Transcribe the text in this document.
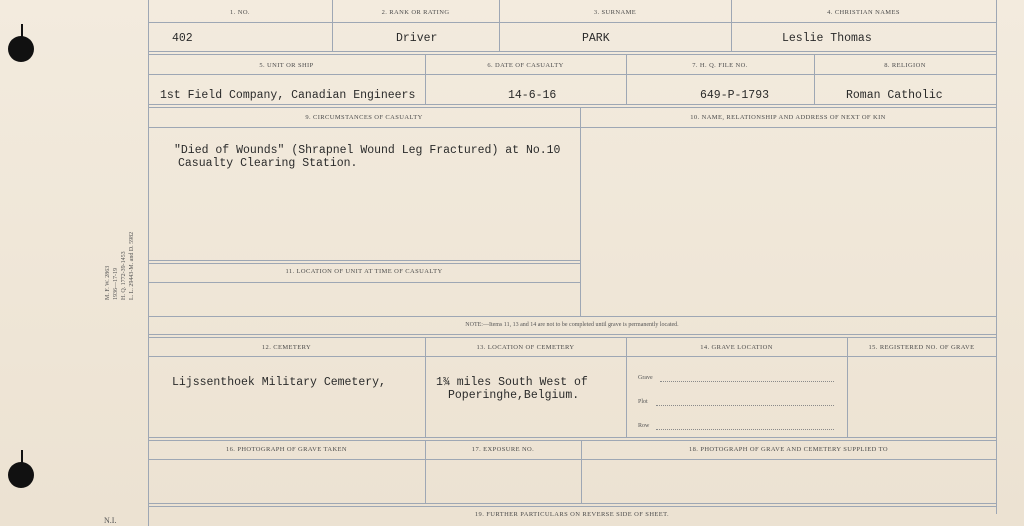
M. F. W. 2863
1936—17-19
H. Q. 1772-39-1453
L. L. 29443-M. and D. 5982
N.I.
1. NO.	2. RANK OR RATING	3. SURNAME	4. CHRISTIAN NAMES
402	Driver	PARK	Leslie Thomas
5. UNIT OR SHIP	6. DATE OF CASUALTY	7. H. Q. FILE NO.	8. RELIGION
1st Field Company, Canadian Engineers	14-6-16	649-P-1793	Roman Catholic
9. CIRCUMSTANCES OF CASUALTY	10. NAME, RELATIONSHIP AND ADDRESS OF NEXT OF KIN
"Died of Wounds" (Shrapnel Wound Leg Fractured) at No.10
Casualty Clearing Station.
11. LOCATION OF UNIT AT TIME OF CASUALTY
NOTE:—Items 11, 13 and 14 are not to be completed until grave is permanently located.
12. CEMETERY	13. LOCATION OF CEMETERY	14. GRAVE LOCATION	15. REGISTERED NO. OF GRAVE
Lijssenthoek Military Cemetery,	1¾ miles South West of
Poperinghe,Belgium.
Grave
Plot
Row
16. PHOTOGRAPH OF GRAVE TAKEN	17. EXPOSURE NO.	18. PHOTOGRAPH OF GRAVE AND CEMETERY SUPPLIED TO
19. FURTHER PARTICULARS ON REVERSE SIDE OF SHEET.
